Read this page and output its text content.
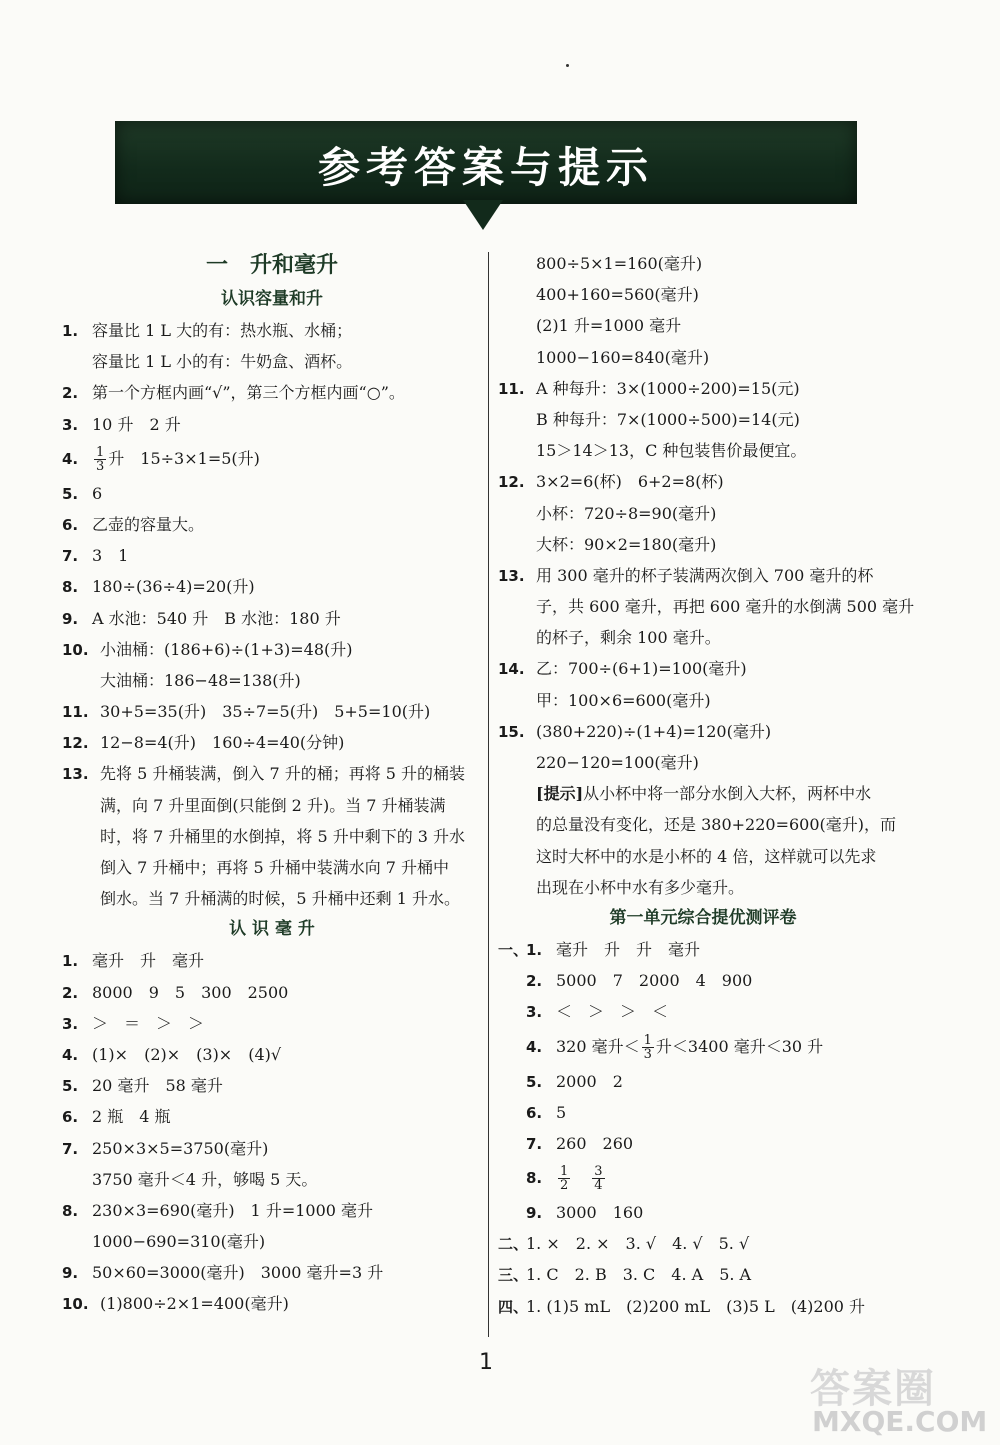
参考答案与提示
一　升和毫升
认识容量和升
1. 容量比 1 L 大的有：热水瓶、水桶；
容量比 1 L 小的有：牛奶盒、酒杯。
2. 第一个方框内画“√”，第三个方框内画“○”。
3. 10 升　2 升
4. $\frac{1}{3}$ 升　15÷3×1=5(升)
5. 6
6. 乙壶的容量大。
7. 3　1
8. 180÷(36÷4)=20(升)
9. A 水池：540 升　B 水池：180 升
10. 小油桶：(186+6)÷(1+3)=48(升)
大油桶：186−48=138(升)
11. 30+5=35(升)　35÷7=5(升)　5+5=10(升)
12. 12−8=4(升)　160÷4=40(分钟)
13. 先将 5 升桶装满，倒入 7 升的桶；再将 5 升的桶装
满，向 7 升里面倒(只能倒 2 升)。当 7 升桶装满
时，将 7 升桶里的水倒掉，将 5 升中剩下的 3 升水
倒入 7 升桶中；再将 5 升桶中装满水向 7 升桶中
倒水。当 7 升桶满的时候，5 升桶中还剩 1 升水。
认 识 毫 升
1. 毫升　升　毫升
2. 8000　9　5　300　2500
3. ＞　＝　＞　＞
4. (1)×　(2)×　(3)×　(4)√
5. 20 毫升　58 毫升
6. 2 瓶　4 瓶
7. 250×3×5=3750(毫升)
3750 毫升＜4 升，够喝 5 天。
8. 230×3=690(毫升)　1 升=1000 毫升
1000−690=310(毫升)
9. 50×60=3000(毫升)　3000 毫升=3 升
10. (1)800÷2×1=400(毫升)
800÷5×1=160(毫升)
400+160=560(毫升)
(2)1 升=1000 毫升
1000−160=840(毫升)
11. A 种每升：3×(1000÷200)=15(元)
B 种每升：7×(1000÷500)=14(元)
15＞14＞13，C 种包装售价最便宜。
12. 3×2=6(杯)　6+2=8(杯)
小杯：720÷8=90(毫升)
大杯：90×2=180(毫升)
13. 用 300 毫升的杯子装满两次倒入 700 毫升的杯
子，共 600 毫升，再把 600 毫升的水倒满 500 毫升
的杯子，剩余 100 毫升。
14. 乙：700÷(6+1)=100(毫升)
甲：100×6=600(毫升)
15. (380+220)÷(1+4)=120(毫升)
220−120=100(毫升)
[提示]从小杯中将一部分水倒入大杯，两杯中水
的总量没有变化，还是 380+220=600(毫升)，而
这时大杯中的水是小杯的 4 倍，这样就可以先求
出现在小杯中水有多少毫升。
第一单元综合提优测评卷
一、1. 毫升　升　升　毫升
2. 5000　7　2000　4　900
3. ＜　＞　＞　＜
4. 320 毫升＜ $\frac{1}{3}$ 升＜3400 毫升＜30 升
5. 2000　2
6. 5
7. 260　260
8. $\frac{1}{2} \frac{3}{4}$
9. 3000　160
二、1. ×　2. ×　3. √　4. √　5. √
三、1. C　2. B　3. C　4. A　5. A
四、1. (1)5 mL　(2)200 mL　(3)5 L　(4)200 升
1
答案圈
MXQE.COM
